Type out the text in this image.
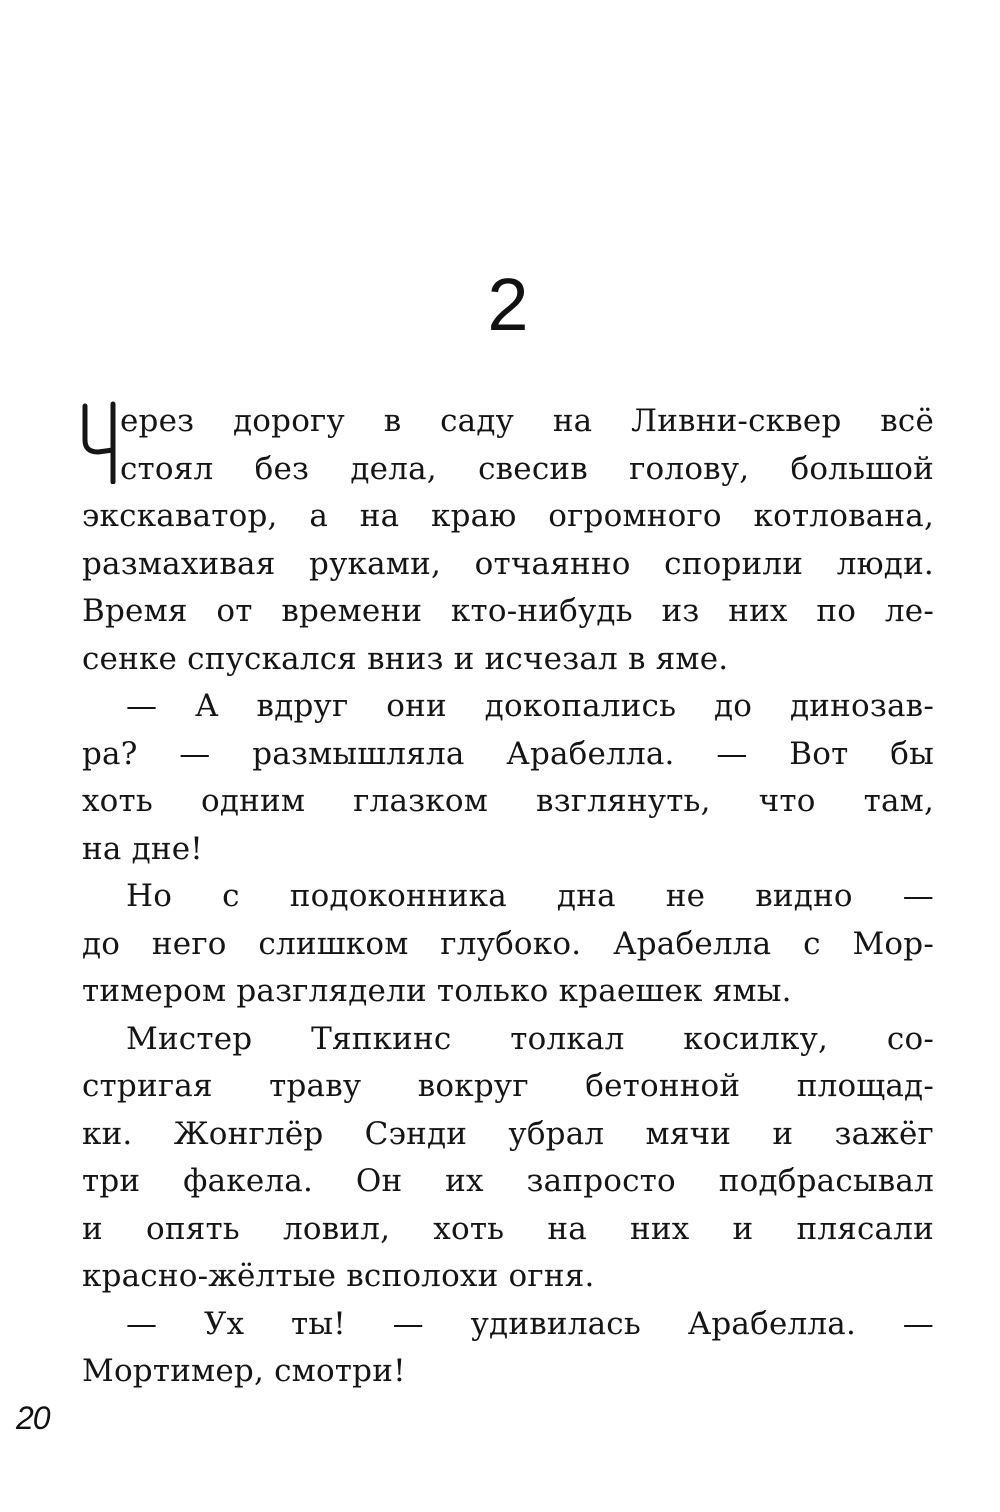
2
ерез дорогу в саду на Ливни-сквер всё
стоял без дела, свесив голову, большой
экскаватор, а на краю огромного котлована,
размахивая руками, отчаянно спорили люди.
Время от времени кто-нибудь из них по ле-
сенке спускался вниз и исчезал в яме.
— А вдруг они докопались до динозав-
ра? — размышляла Арабелла. — Вот бы
хоть одним глазком взглянуть, что там,
на дне!
Но с подоконника дна не видно —
до него слишком глубоко. Арабелла с Мор-
тимером разглядели только краешек ямы.
Мистер Тяпкинс толкал косилку, со-
стригая траву вокруг бетонной площад-
ки. Жонглёр Сэнди убрал мячи и зажёг
три факела. Он их запросто подбрасывал
и опять ловил, хоть на них и плясали
красно-жёлтые всполохи огня.
— Ух ты! — удивилась Арабелла. —
Мортимер, смотри!
20
